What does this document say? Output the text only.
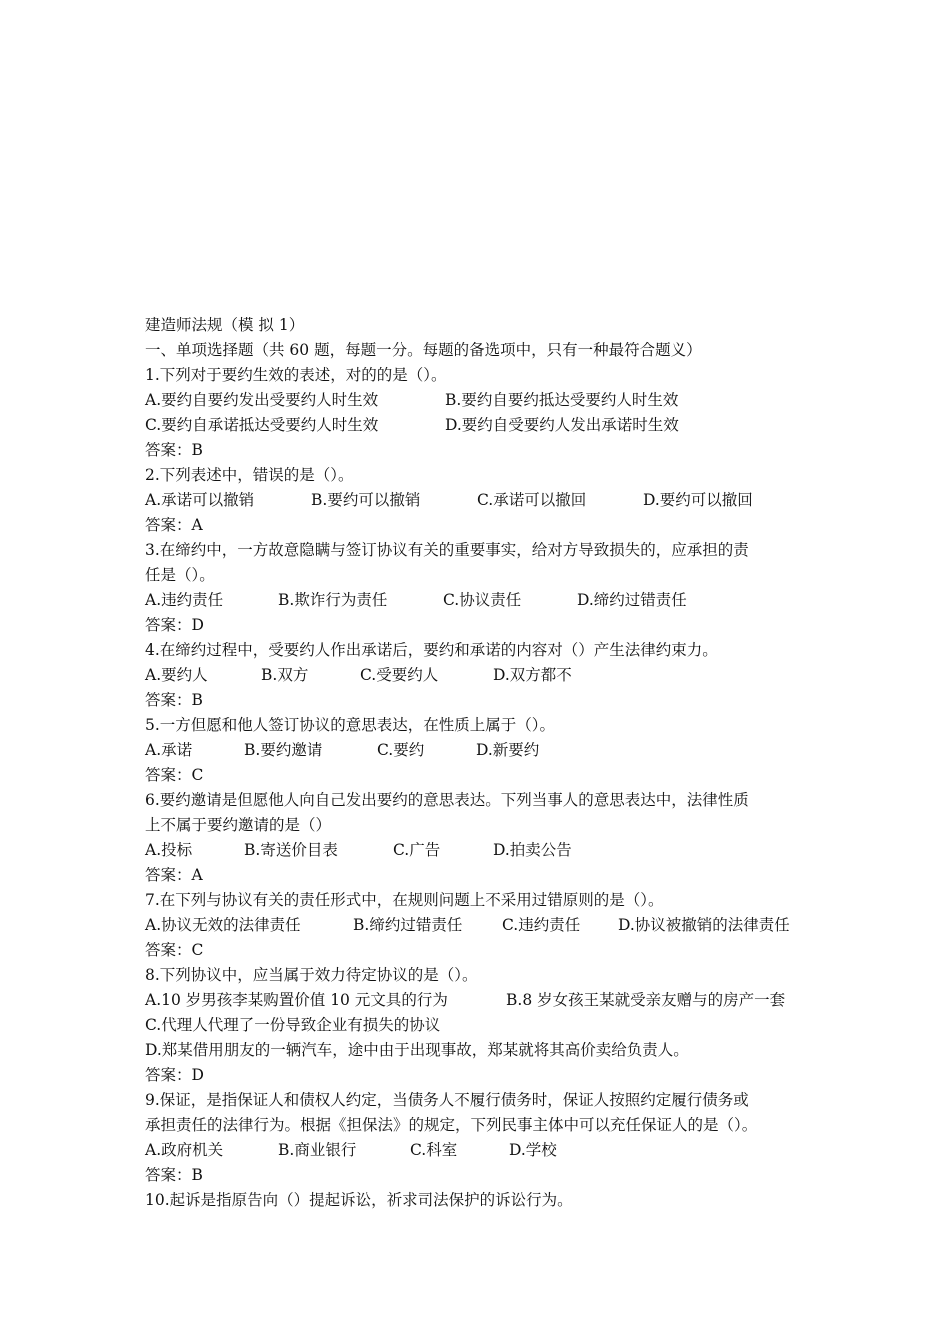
建造师法规（模 拟 1）
一、单项选择题（共 60 题，每题一分。每题的备选项中，只有一种最符合题义）
1.下列对于要约生效的表述，对的的是（）。
A.要约自要约发出受要约人时生效	B.要约自要约抵达受要约人时生效
C.要约自承诺抵达受要约人时生效	D.要约自受要约人发出承诺时生效
答案：B
2.下列表述中，错误的是（）。
A.承诺可以撤销	B.要约可以撤销	C.承诺可以撤回	D.要约可以撤回
答案：A
3.在缔约中，一方故意隐瞒与签订协议有关的重要事实，给对方导致损失的，应承担的责
任是（）。
A.违约责任	B.欺诈行为责任	C.协议责任	D.缔约过错责任
答案：D
4.在缔约过程中，受要约人作出承诺后，要约和承诺的内容对（）产生法律约束力。
A.要约人	B.双方	C.受要约人	D.双方都不
答案：B
5.一方但愿和他人签订协议的意思表达，在性质上属于（）。
A.承诺	B.要约邀请	C.要约	D.新要约
答案：C
6.要约邀请是但愿他人向自己发出要约的意思表达。下列当事人的意思表达中，法律性质
上不属于要约邀请的是（）
A.投标	B.寄送价目表	C.广告	D.拍卖公告
答案：A
7.在下列与协议有关的责任形式中，在规则问题上不采用过错原则的是（）。
A.协议无效的法律责任	B.缔约过错责任	C.违约责任 D.协议被撤销的法律责任
答案：C
8.下列协议中，应当属于效力待定协议的是（）。
A.10 岁男孩李某购置价值 10 元文具的行为	B.8 岁女孩王某就受亲友赠与的房产一套
C.代理人代理了一份导致企业有损失的协议
D.郑某借用朋友的一辆汽车，途中由于出现事故，郑某就将其高价卖给负责人。
答案：D
9.保证，是指保证人和债权人约定，当债务人不履行债务时，保证人按照约定履行债务或
承担责任的法律行为。根据《担保法》的规定，下列民事主体中可以充任保证人的是（）。
A.政府机关	B.商业银行	C.科室	D.学校
答案：B
10.起诉是指原告向（）提起诉讼，祈求司法保护的诉讼行为。
